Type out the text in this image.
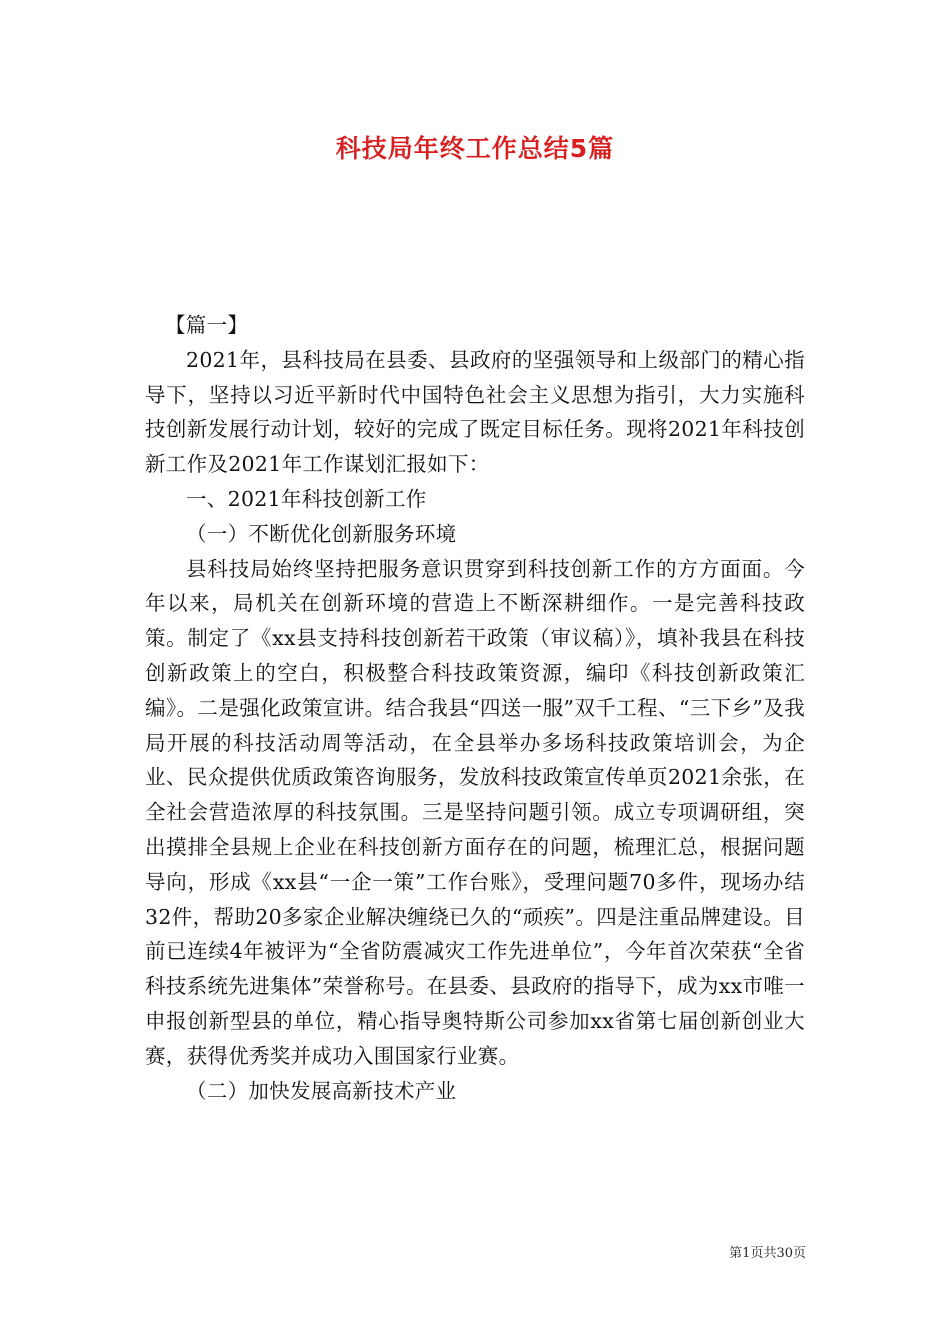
科技局年终工作总结5篇

【篇一】

2021年，县科技局在县委、县政府的坚强领导和上级部门的精心指导下，坚持以习近平新时代中国特色社会主义思想为指引，大力实施科技创新发展行动计划，较好的完成了既定目标任务。现将2021年科技创新工作及2021年工作谋划汇报如下：

一、2021年科技创新工作

（一）不断优化创新服务环境

县科技局始终坚持把服务意识贯穿到科技创新工作的方方面面。今年以来，局机关在创新环境的营造上不断深耕细作。一是完善科技政策。制定了《xx县支持科技创新若干政策（审议稿）》，填补我县在科技创新政策上的空白，积极整合科技政策资源，编印《科技创新政策汇编》。二是强化政策宣讲。结合我县“四送一服”双千工程、“三下乡”及我局开展的科技活动周等活动，在全县举办多场科技政策培训会，为企业、民众提供优质政策咨询服务，发放科技政策宣传单页2021余张，在全社会营造浓厚的科技氛围。三是坚持问题引领。成立专项调研组，突出摸排全县规上企业在科技创新方面存在的问题，梳理汇总，根据问题导向，形成《xx县“一企一策”工作台账》，受理问题70多件，现场办结32件，帮助20多家企业解决缠绕已久的“顽疾”。四是注重品牌建设。目前已连续4年被评为“全省防震减灾工作先进单位”，今年首次荣获“全省科技系统先进集体”荣誉称号。在县委、县政府的指导下，成为xx市唯一申报创新型县的单位，精心指导奥特斯公司参加xx省第七届创新创业大赛，获得优秀奖并成功入围国家行业赛。

（二）加快发展高新技术产业

第1页共30页
